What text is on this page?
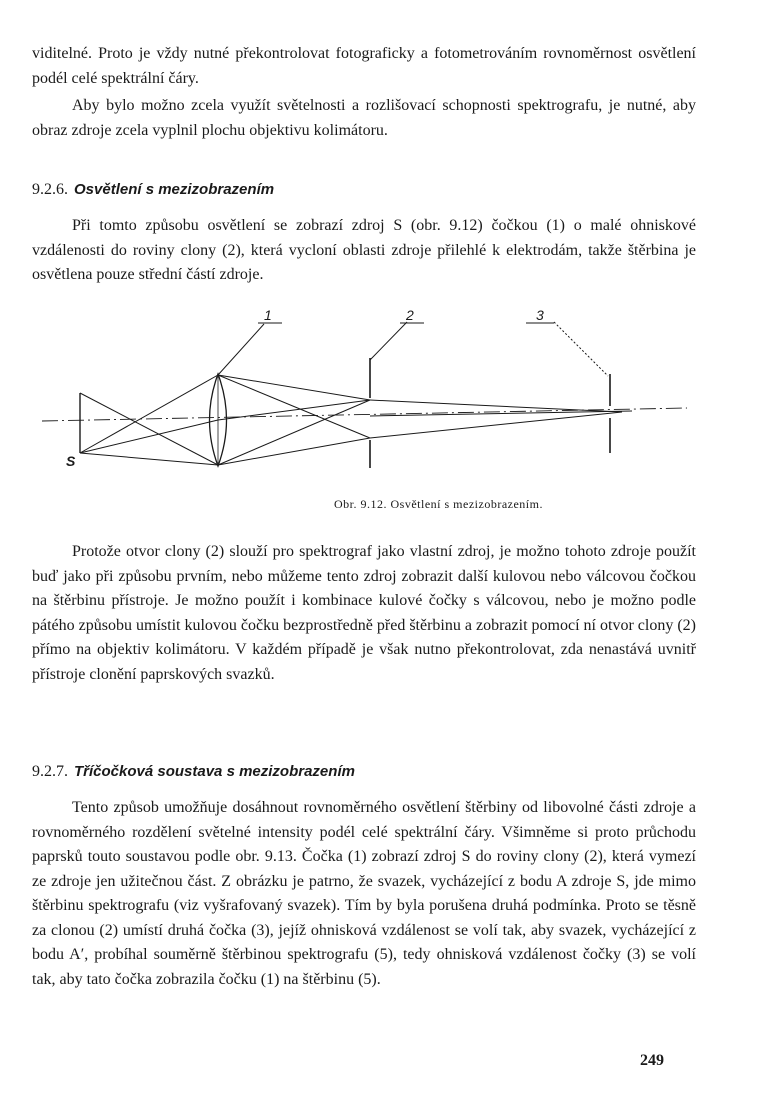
viditelné. Proto je vždy nutné překontrolovat fotograficky a fotometrováním rovnoměrnost osvětlení podél celé spektrální čáry.

Aby bylo možno zcela využít světelnosti a rozlišovací schopnosti spektrografu, je nutné, aby obraz zdroje zcela vyplnil plochu objektivu kolimátoru.

9.2.6. Osvětlení s mezizobrazením

Při tomto způsobu osvětlení se zobrazí zdroj S (obr. 9.12) čočkou (1) o malé ohniskové vzdálenosti do roviny clony (2), která vycloní oblasti zdroje přilehlé k elektrodám, takže štěrbina je osvětlena pouze střední částí zdroje.

1	2	3
S

Obr. 9.12. Osvětlení s mezizobrazením.

Protože otvor clony (2) slouží pro spektrograf jako vlastní zdroj, je možno tohoto zdroje použít buď jako při způsobu prvním, nebo můžeme tento zdroj zobrazit další kulovou nebo válcovou čočkou na štěrbinu přístroje. Je možno použít i kombinace kulové čočky s válcovou, nebo je možno podle pátého způsobu umístit kulovou čočku bezprostředně před štěrbinu a zobrazit pomocí ní otvor clony (2) přímo na objektiv kolimátoru. V každém případě je však nutno překontrolovat, zda nenastává uvnitř přístroje clonění paprskových svazků.

9.2.7. Tříčočková soustava s mezizobrazením

Tento způsob umožňuje dosáhnout rovnoměrného osvětlení štěrbiny od libovolné části zdroje a rovnoměrného rozdělení světelné intensity podél celé spektrální čáry. Všimněme si proto průchodu paprsků touto soustavou podle obr. 9.13. Čočka (1) zobrazí zdroj S do roviny clony (2), která vymezí ze zdroje jen užitečnou část. Z obrázku je patrno, že svazek, vycházející z bodu A zdroje S, jde mimo štěrbinu spektrografu (viz vyšrafovaný svazek). Tím by byla porušena druhá podmínka. Proto se těsně za clonou (2) umístí druhá čočka (3), jejíž ohnisková vzdálenost se volí tak, aby svazek, vycházející z bodu A′, probíhal souměrně štěrbinou spektrografu (5), tedy ohnisková vzdálenost čočky (3) se volí tak, aby tato čočka zobrazila čočku (1) na štěrbinu (5).

249
